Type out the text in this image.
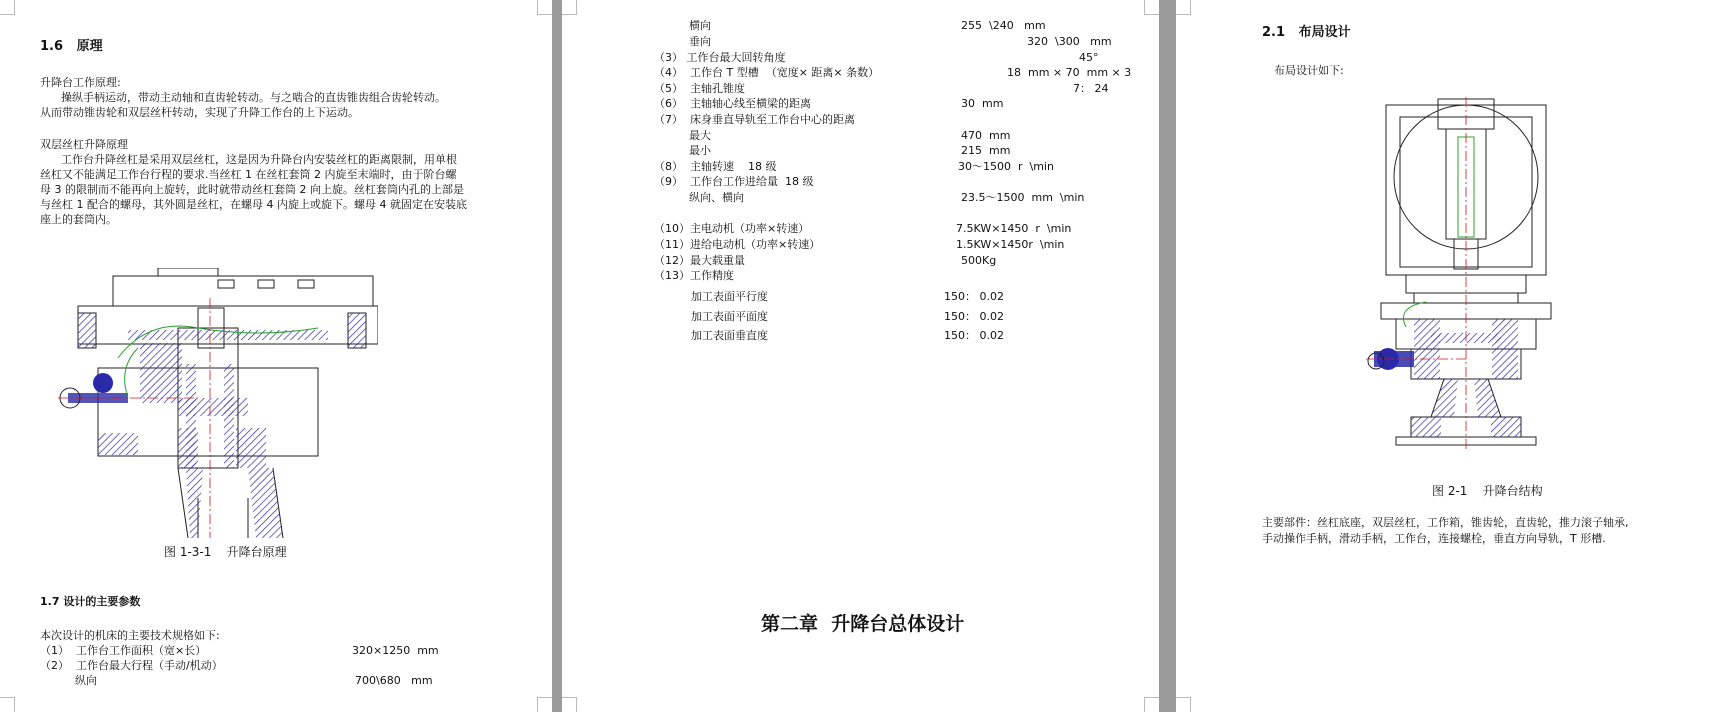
1.6   原理
升降台工作原理:
操纵手柄运动，带动主动轴和直齿轮转动。与之啮合的直齿锥齿组合齿轮转动。
从而带动锥齿轮和双层丝杆转动，实现了升降工作台的上下运动。
双层丝杠升降原理
工作台升降丝杠是采用双层丝杠，这是因为升降台内安装丝杠的距离限制，用单根
丝杠又不能满足工作台行程的要求.当丝杠 1 在丝杠套筒 2 内旋至末端时，由于阶台螺
母 3 的限制而不能再向上旋转，此时就带动丝杠套筒 2 向上旋。丝杠套筒内孔的上部是
与丝杠 1 配合的螺母，其外圆是丝杠，在螺母 4 内旋上或旋下。螺母 4 就固定在安装底
座上的套筒内。
图 1-3-1    升降台原理
1.7 设计的主要参数
本次设计的机床的主要技术规格如下:
（1）  工作台工作面积（宽×长）	320×1250  mm
（2）  工作台最大行程（手动/机动）
纵向	700\680   mm
横向	255  \240   mm
垂向	320  \300   mm
（3） 工作台最大回转角度	45°
（4）  工作台 T 型槽  （宽度× 距离× 条数）	18  mm × 70  mm × 3
（5）  主轴孔锥度	7： 24
（6）  主轴轴心线至横梁的距离	30  mm
（7）  床身垂直导轨至工作台中心的距离
最大	470  mm
最小	215  mm
（8）  主轴转速    18 级	30～1500  r  \min
（9）  工作台工作进给量  18 级
纵向、横向	23.5～1500  mm  \min
（10）主电动机（功率×转速）	7.5KW×1450  r  \min
（11）进给电动机（功率×转速）	1.5KW×1450r  \min
（12）最大载重量	500Kg
（13）工作精度
加工表面平行度	150： 0.02
加工表面平面度	150： 0.02
加工表面垂直度	150： 0.02
第二章  升降台总体设计
2.1   布局设计
布局设计如下:
图 2-1    升降台结构
主要部件：丝杠底座，双层丝杠，工作箱，锥齿轮，直齿轮，推力滚子轴承,
手动操作手柄，滑动手柄，工作台，连接螺栓，垂直方向导轨，T 形槽.
